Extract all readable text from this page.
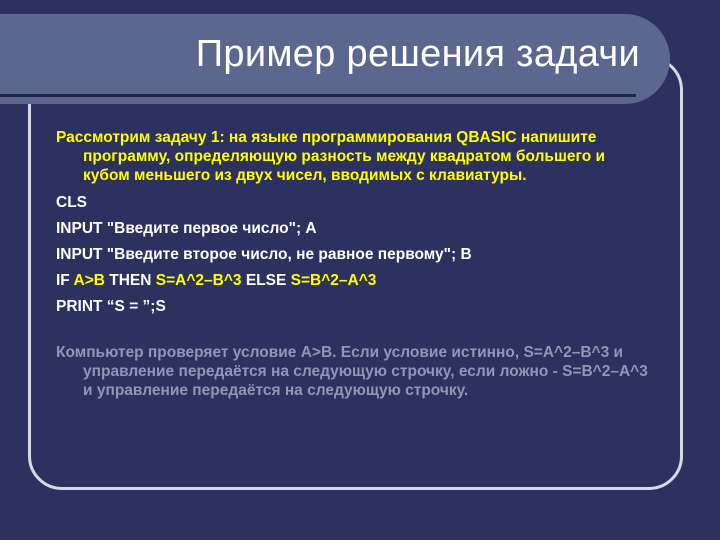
Пример решения задачи

Рассмотрим задачу 1: на языке программирования QBASIC напишите программу, определяющую разность между квадратом большего и кубом меньшего из двух чисел, вводимых с клавиатуры.

CLS

INPUT "Введите первое число"; A

INPUT "Введите второе число, не равное первому"; B

IF A>B THEN S=A^2–B^3 ELSE S=B^2–A^3

PRINT “S = ”;S

Компьютер проверяет условие A>B. Если условие истинно, S=A^2–B^3 и управление передаётся на следующую строчку, если ложно - S=B^2–A^3 и управление передаётся на следующую строчку.
